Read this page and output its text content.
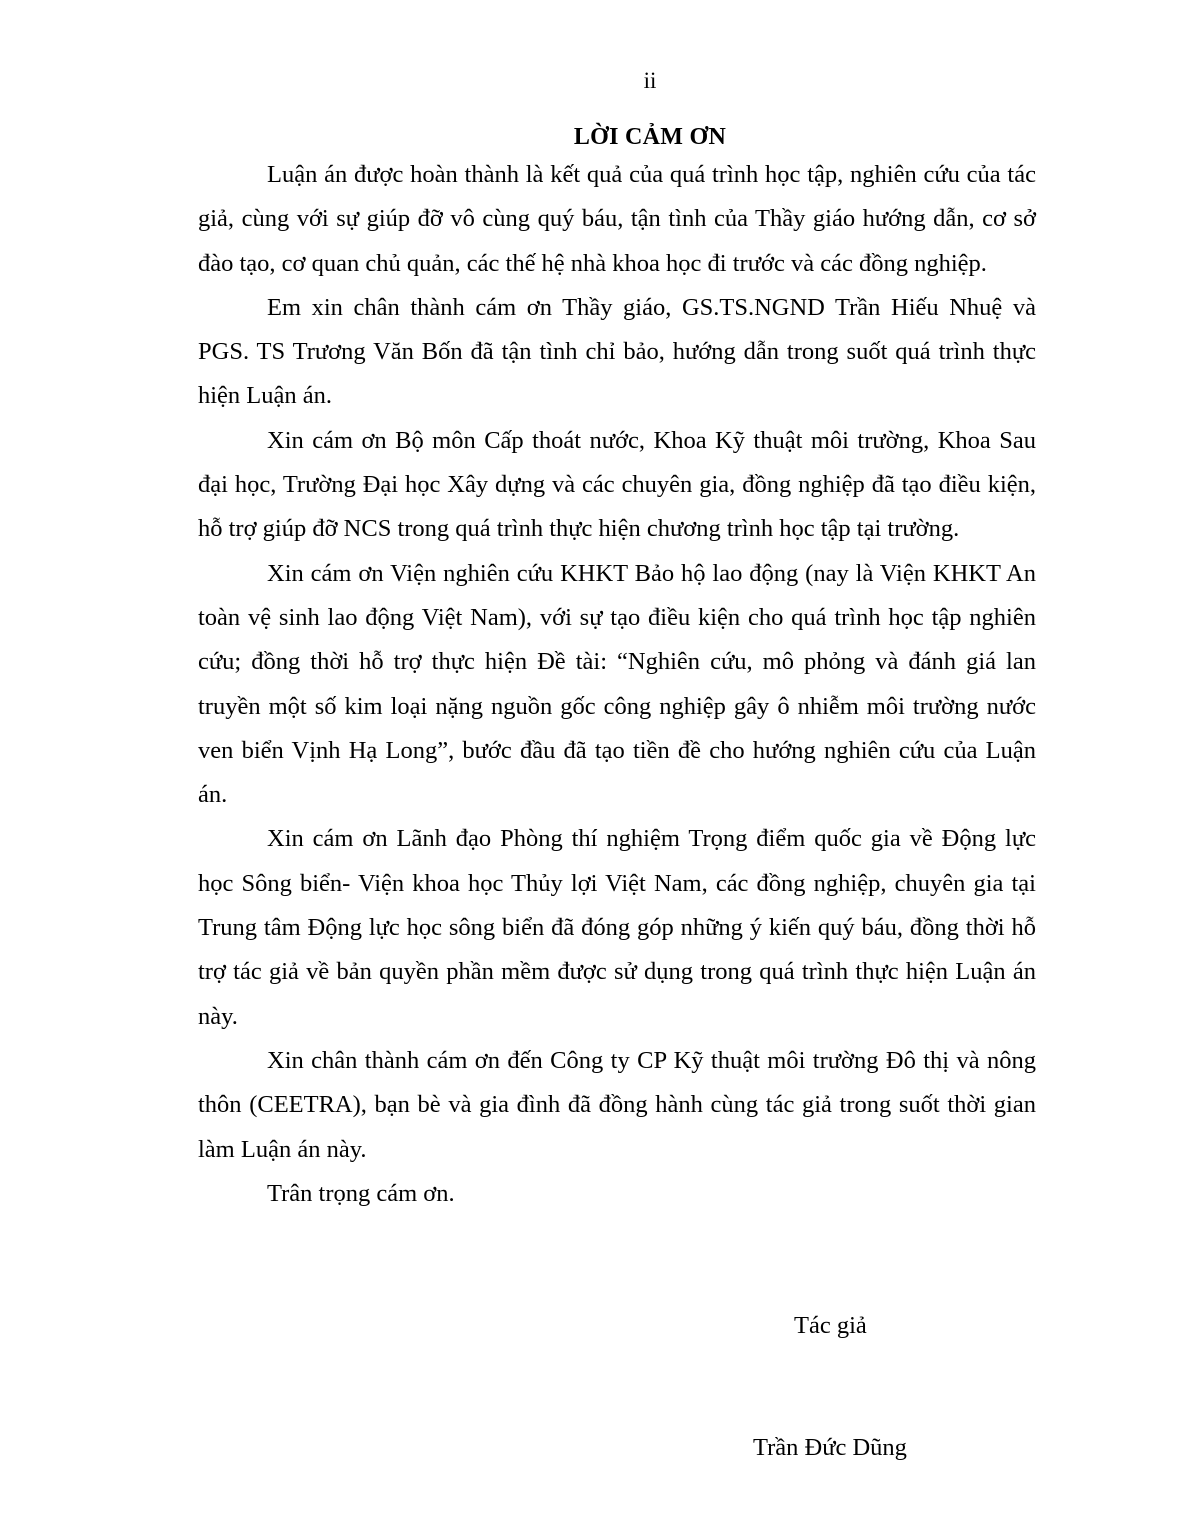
ii
LỜI CẢM ƠN

Luận án được hoàn thành là kết quả của quá trình học tập, nghiên cứu của tác giả, cùng với sự giúp đỡ vô cùng quý báu, tận tình của Thầy giáo hướng dẫn, cơ sở đào tạo, cơ quan chủ quản, các thế hệ nhà khoa học đi trước và các đồng nghiệp.

Em xin chân thành cám ơn Thầy giáo, GS.TS.NGND Trần Hiếu Nhuệ và PGS. TS Trương Văn Bốn đã tận tình chỉ bảo, hướng dẫn trong suốt quá trình thực hiện Luận án.

Xin cám ơn Bộ môn Cấp thoát nước, Khoa Kỹ thuật môi trường, Khoa Sau đại học, Trường Đại học Xây dựng và các chuyên gia, đồng nghiệp đã tạo điều kiện, hỗ trợ giúp đỡ NCS trong quá trình thực hiện chương trình học tập tại trường.

Xin cám ơn Viện nghiên cứu KHKT Bảo hộ lao động (nay là Viện KHKT An toàn vệ sinh lao động Việt Nam), với sự tạo điều kiện cho quá trình học tập nghiên cứu; đồng thời hỗ trợ thực hiện Đề tài: “Nghiên cứu, mô phỏng và đánh giá lan truyền một số kim loại nặng nguồn gốc công nghiệp gây ô nhiễm môi trường nước ven biển Vịnh Hạ Long”, bước đầu đã tạo tiền đề cho hướng nghiên cứu của Luận án.

Xin cám ơn Lãnh đạo Phòng thí nghiệm Trọng điểm quốc gia về Động lực học Sông biển- Viện khoa học Thủy lợi Việt Nam, các đồng nghiệp, chuyên gia tại Trung tâm Động lực học sông biển đã đóng góp những ý kiến quý báu, đồng thời hỗ trợ tác giả về bản quyền phần mềm được sử dụng trong quá trình thực hiện Luận án này.

Xin chân thành cám ơn đến Công ty CP Kỹ thuật môi trường Đô thị và nông thôn (CEETRA), bạn bè và gia đình đã đồng hành cùng tác giả trong suốt thời gian làm Luận án này.

Trân trọng cám ơn.

Tác giả
Trần Đức Dũng
